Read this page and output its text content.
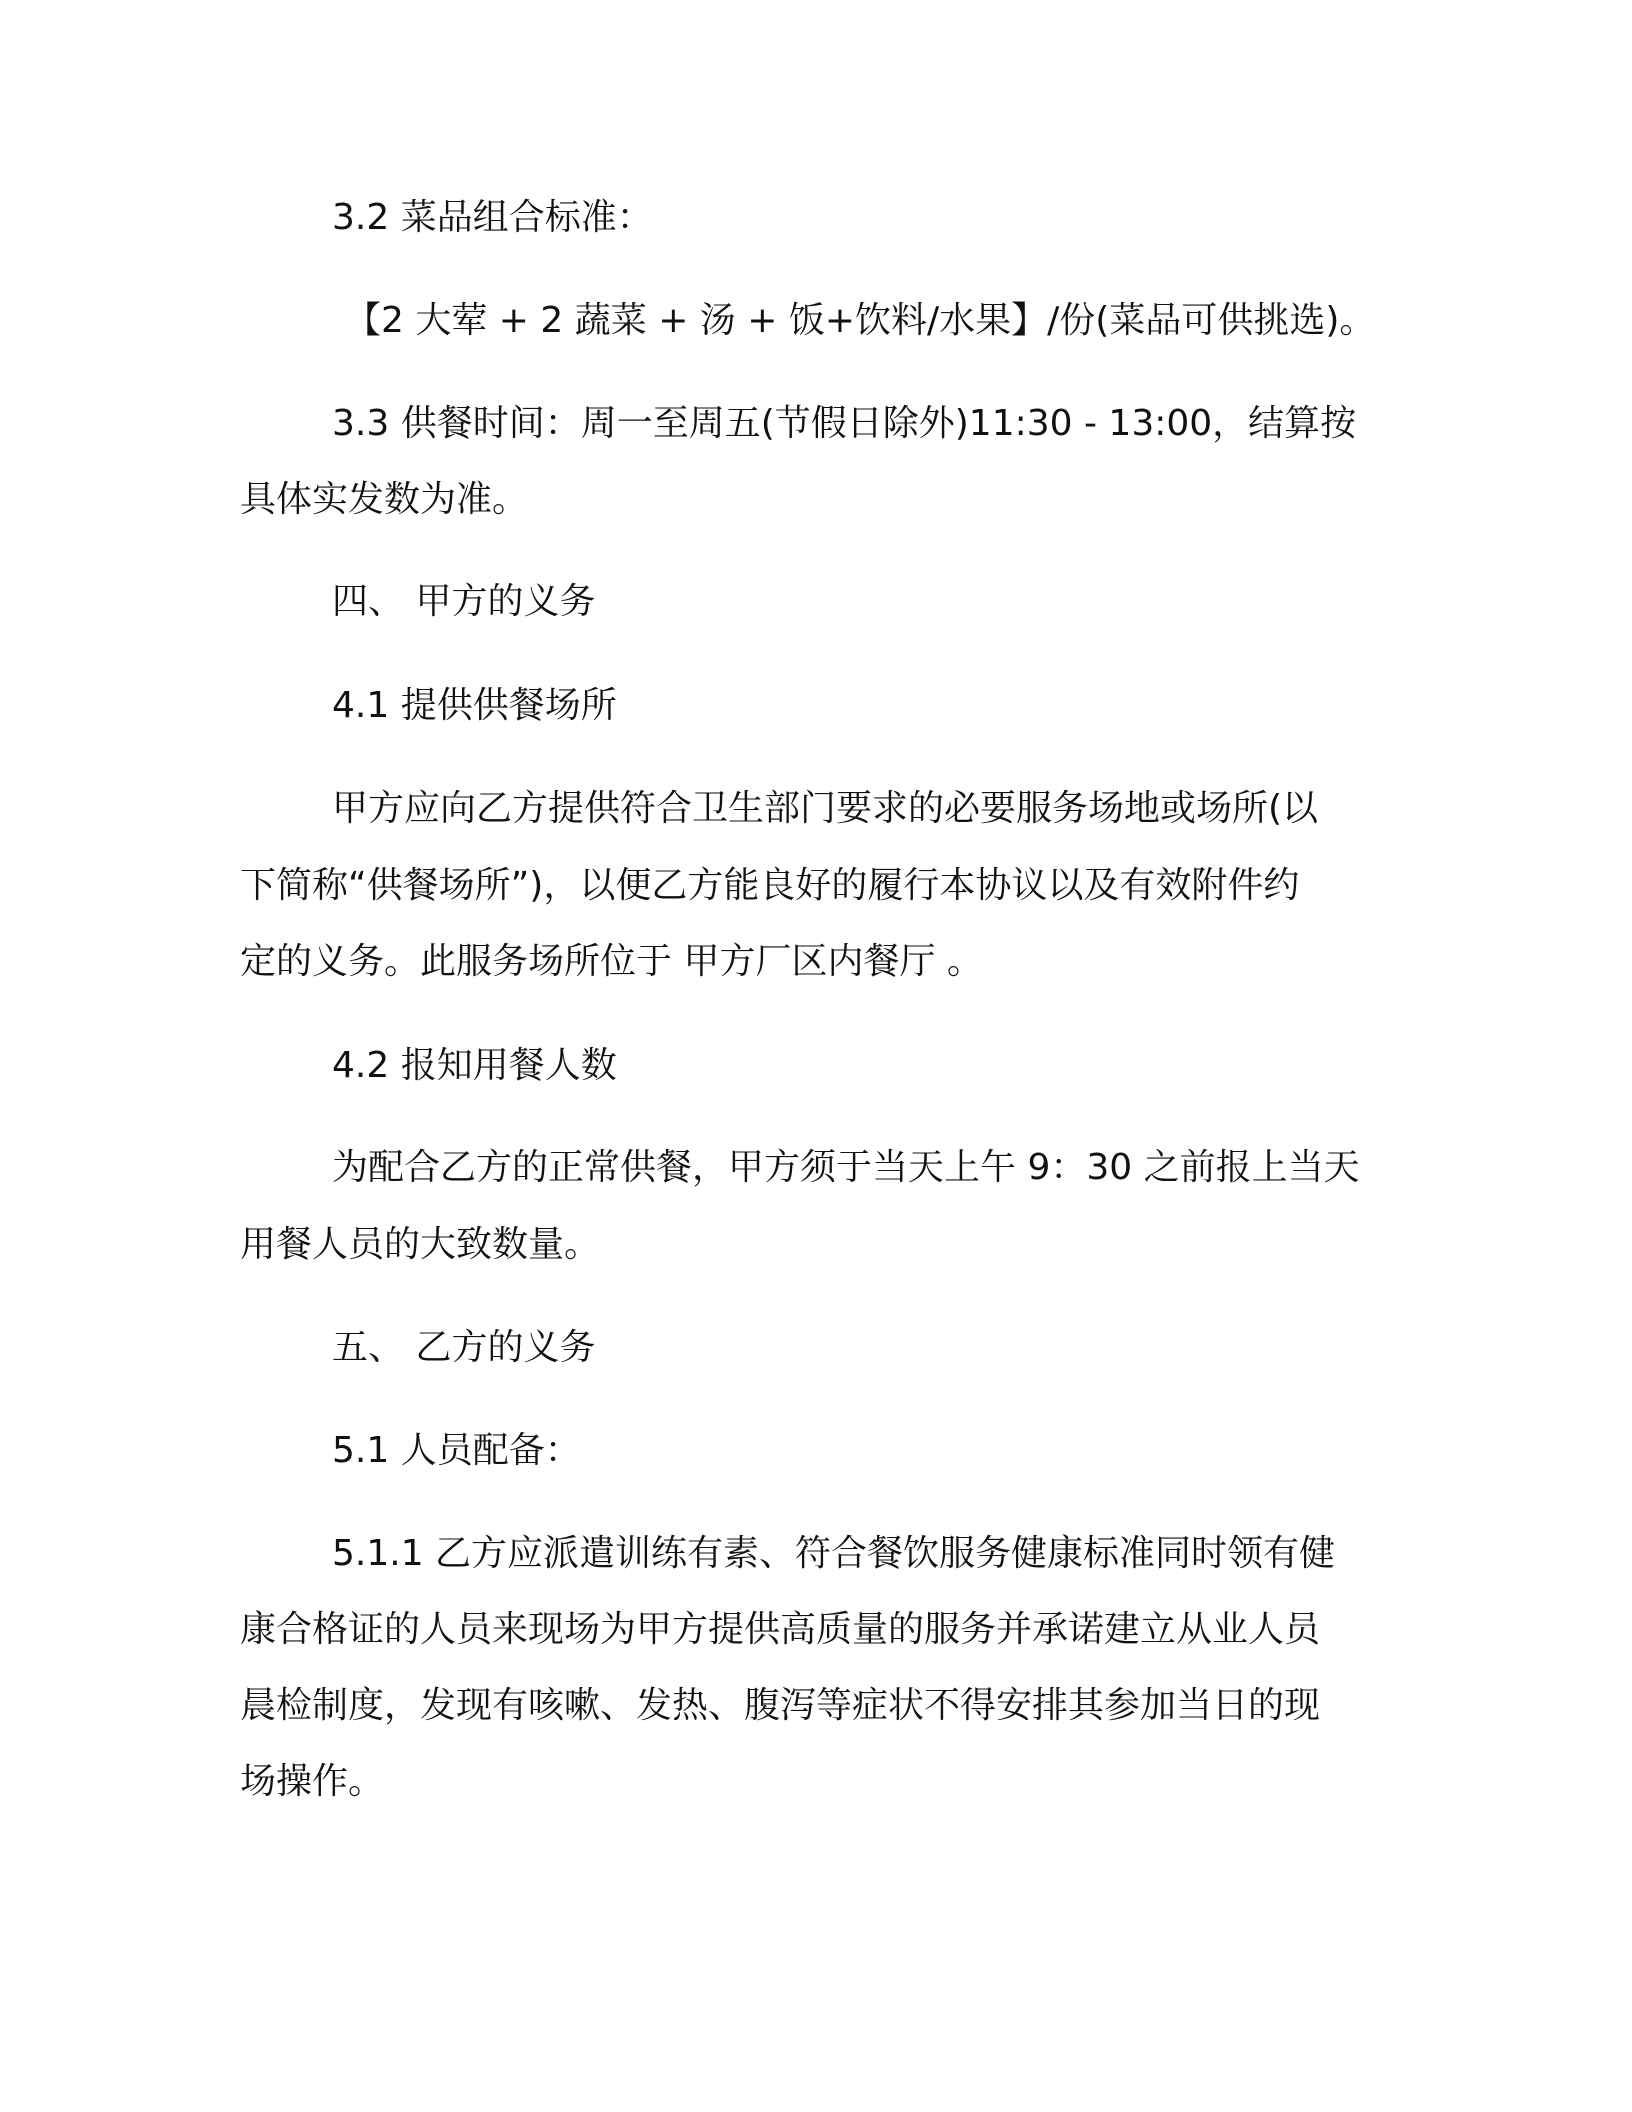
3.2 菜品组合标准：
【2 大荤 + 2 蔬菜 + 汤 + 饭+饮料/水果】/份(菜品可供挑选)。
3.3 供餐时间：周一至周五(节假日除外)11:30 - 13:00，结算按
具体实发数为准。
四、 甲方的义务
4.1 提供供餐场所
甲方应向乙方提供符合卫生部门要求的必要服务场地或场所(以
下简称“供餐场所”)，以便乙方能良好的履行本协议以及有效附件约
定的义务。此服务场所位于 甲方厂区内餐厅 。
4.2 报知用餐人数
为配合乙方的正常供餐，甲方须于当天上午 9：30 之前报上当天
用餐人员的大致数量。
五、 乙方的义务
5.1 人员配备：
5.1.1 乙方应派遣训练有素、符合餐饮服务健康标准同时领有健
康合格证的人员来现场为甲方提供高质量的服务并承诺建立从业人员
晨检制度，发现有咳嗽、发热、腹泻等症状不得安排其参加当日的现
场操作。
